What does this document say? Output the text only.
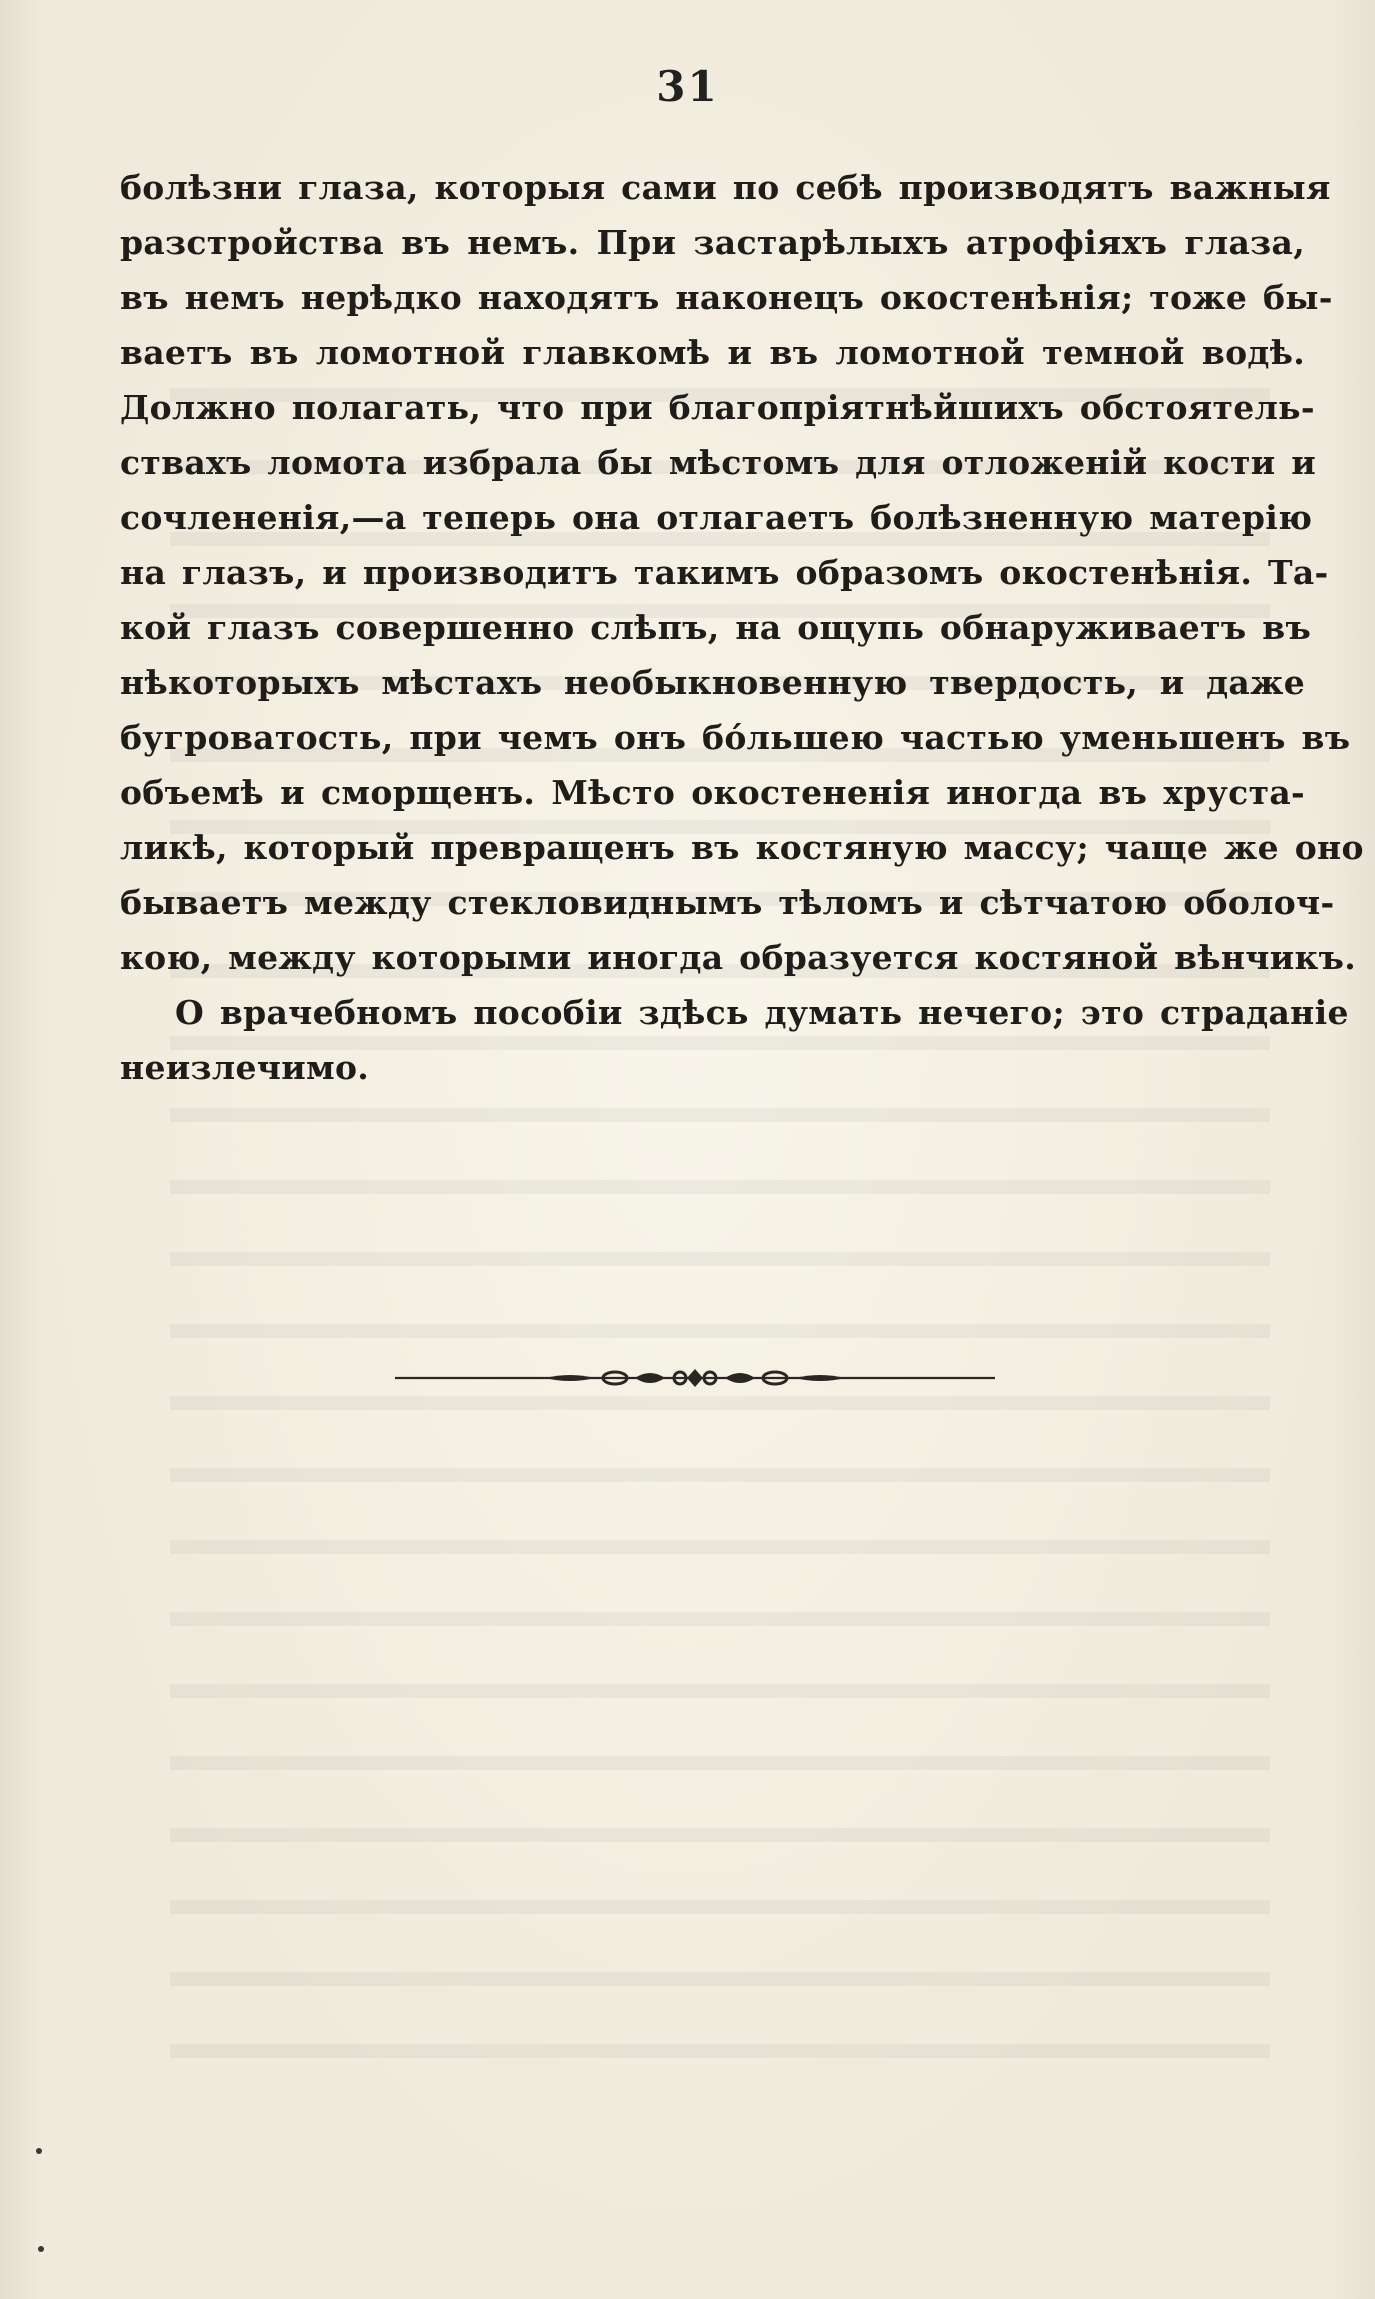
31
болѣзни глаза, которыя сами по себѣ производятъ важныя
разстройства въ немъ. При застарѣлыхъ атрофіяхъ глаза,
въ немъ нерѣдко находятъ наконецъ окостенѣнія; тоже бы-
ваетъ въ ломотной главкомѣ и въ ломотной темной водѣ.
Должно полагать, что при благопріятнѣйшихъ обстоятель-
ствахъ ломота избрала бы мѣстомъ для отложеній кости и
сочлененія,—а теперь она отлагаетъ болѣзненную матерію
на глазъ, и производитъ такимъ образомъ окостенѣнія. Та-
кой глазъ совершенно слѣпъ, на ощупь обнаруживаетъ въ
нѣкоторыхъ мѣстахъ необыкновенную твердость, и даже
бугроватость, при чемъ онъ бо́льшею частью уменьшенъ въ
объемѣ и сморщенъ. Мѣсто окостененія иногда въ хруста-
ликѣ, который превращенъ въ костяную массу; чаще же оно
бываетъ между стекловиднымъ тѣломъ и сѣтчатою оболоч-
кою, между которыми иногда образуется костяной вѣнчикъ.
О врачебномъ пособіи здѣсь думать нечего; это страданіе
неизлечимо.
